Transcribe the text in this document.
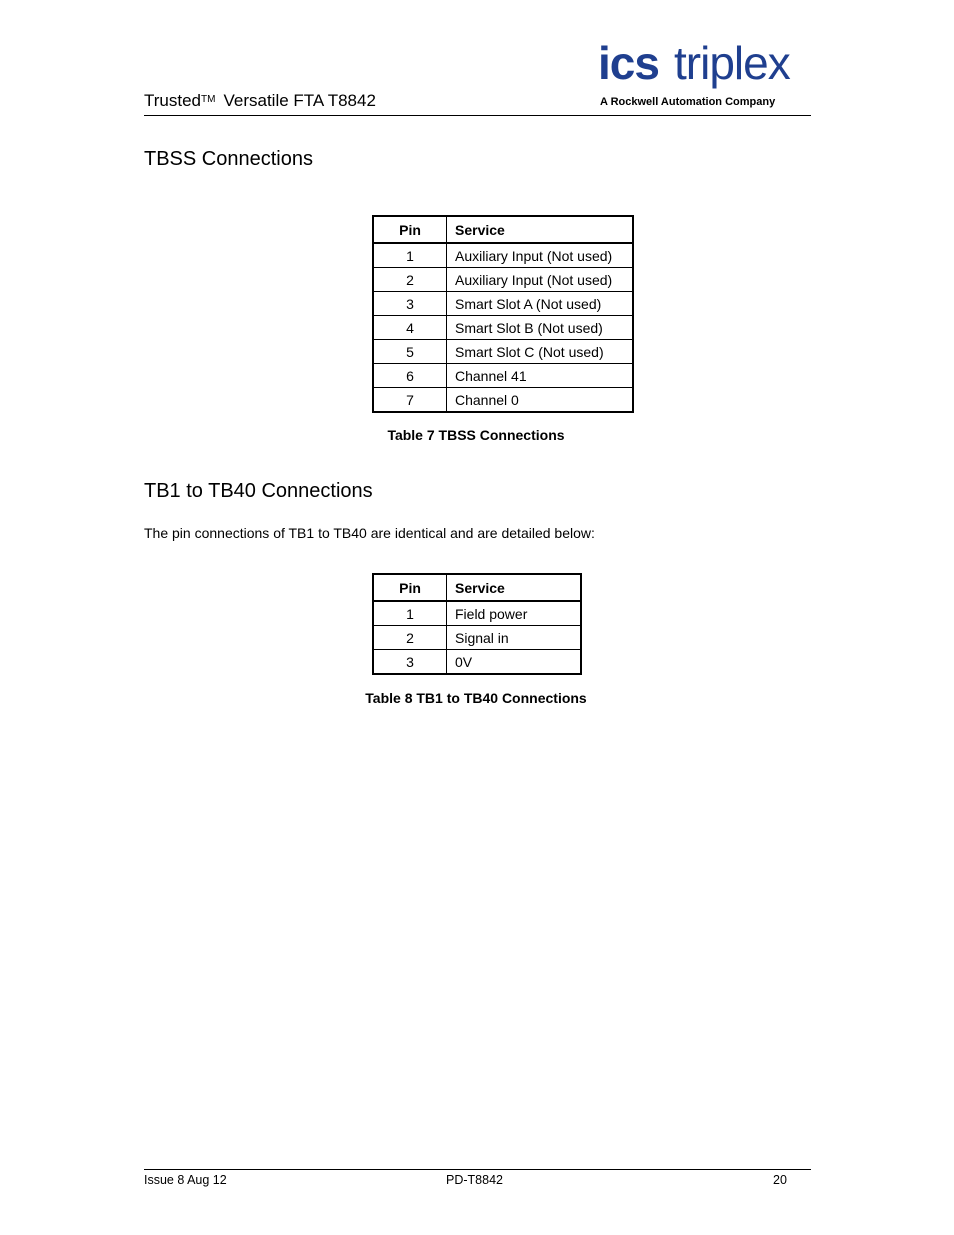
Trusted™ Versatile FTA T8842
ics triplex
A Rockwell Automation Company
TBSS Connections
Pin	Service
1	Auxiliary Input (Not used)
2	Auxiliary Input (Not used)
3	Smart Slot A (Not used)
4	Smart Slot B (Not used)
5	Smart Slot C (Not used)
6	Channel 41
7	Channel 0
Table 7 TBSS Connections
TB1 to TB40 Connections
The pin connections of TB1 to TB40 are identical and are detailed below:
Pin	Service
1	Field power
2	Signal in
3	0V
Table 8 TB1 to TB40 Connections
Issue 8 Aug 12	PD-T8842	20
